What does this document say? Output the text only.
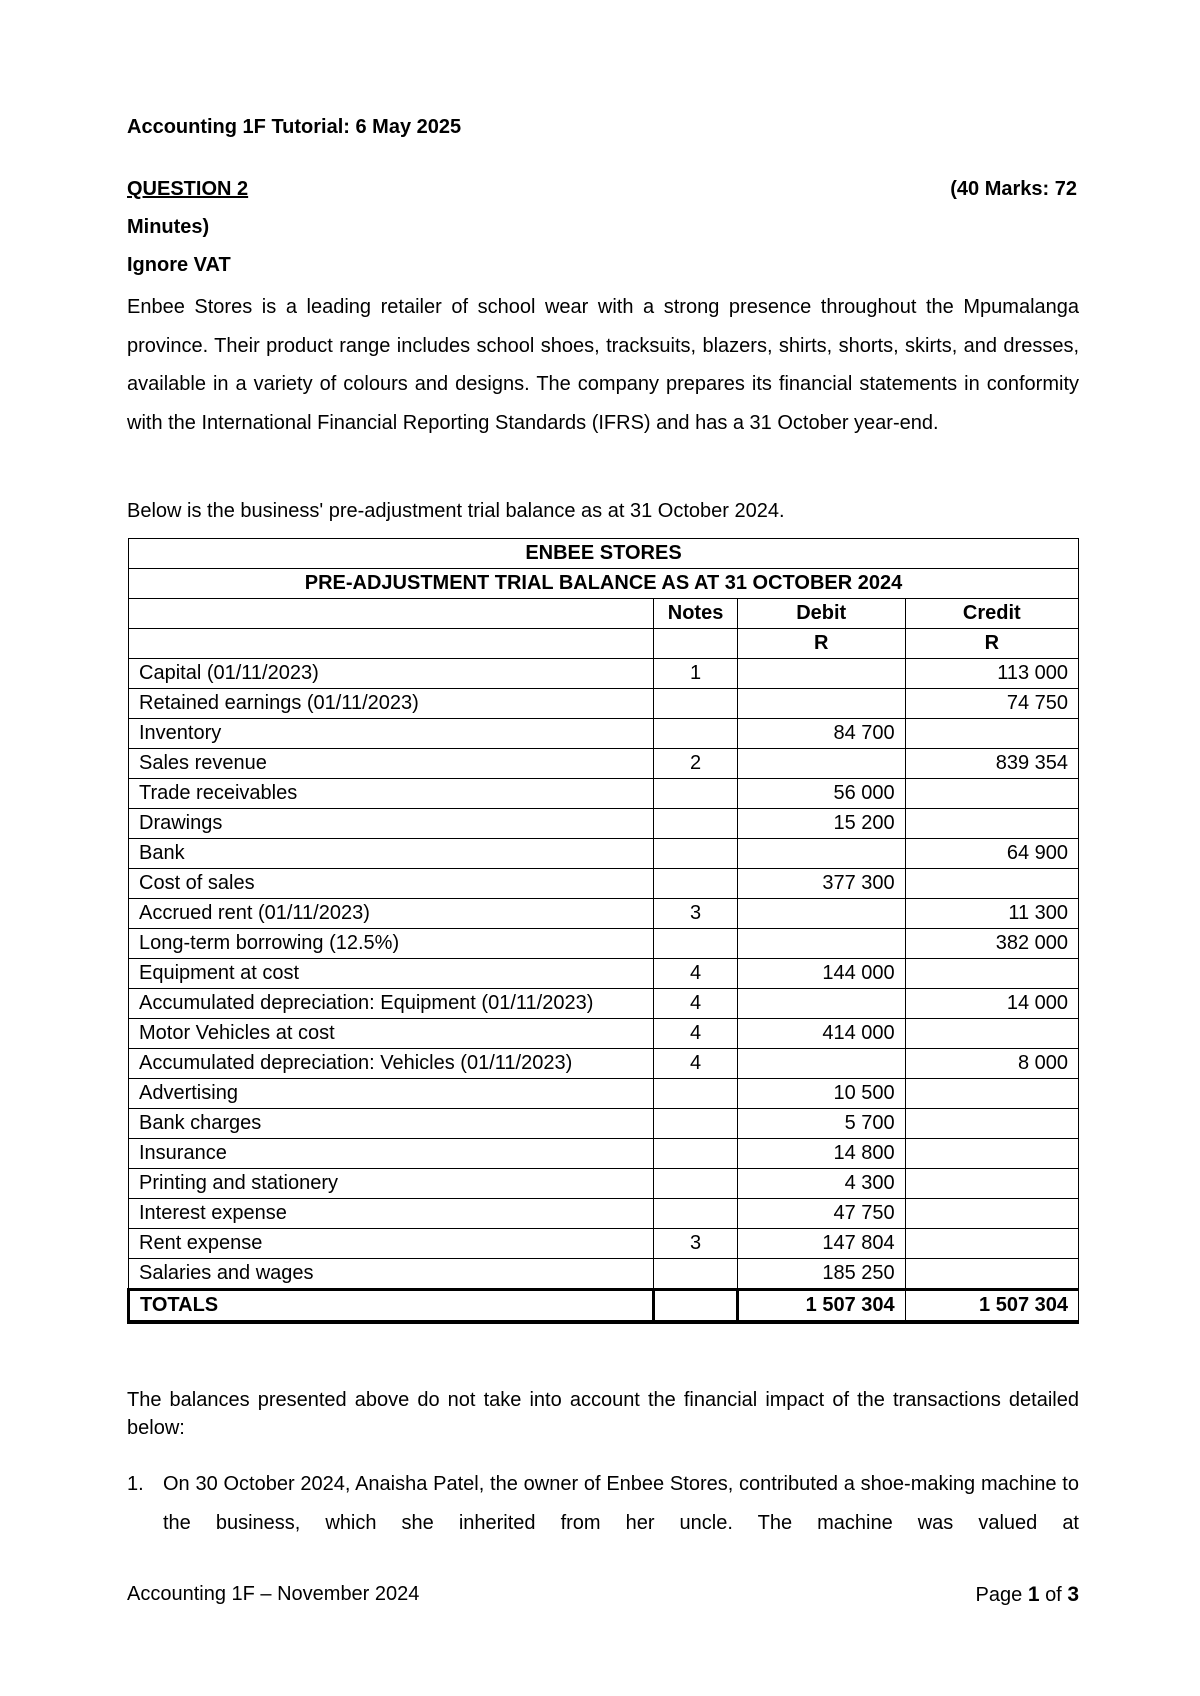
Accounting 1F Tutorial: 6 May 2025
QUESTION 2	(40 Marks: 72
Minutes)
Ignore VAT

Enbee Stores is a leading retailer of school wear with a strong presence throughout the Mpumalanga province. Their product range includes school shoes, tracksuits, blazers, shirts, shorts, skirts, and dresses, available in a variety of colours and designs. The company prepares its financial statements in conformity with the International Financial Reporting Standards (IFRS) and has a 31 October year-end.

Below is the business' pre-adjustment trial balance as at 31 October 2024.

ENBEE STORES			
PRE-ADJUSTMENT TRIAL BALANCE AS AT 31 OCTOBER 2024			
	Notes	Debit	Credit
		R	R
Capital (01/11/2023)	1		113 000
Retained earnings (01/11/2023)			74 750
Inventory		84 700	
Sales revenue	2		839 354
Trade receivables		56 000	
Drawings		15 200	
Bank			64 900
Cost of sales		377 300	
Accrued rent (01/11/2023)	3		11 300
Long-term borrowing (12.5%)			382 000
Equipment at cost	4	144 000	
Accumulated depreciation: Equipment (01/11/2023)	4		14 000
Motor Vehicles at cost	4	414 000	
Accumulated depreciation: Vehicles (01/11/2023)	4		8 000
Advertising		10 500	
Bank charges		5 700	
Insurance		14 800	
Printing and stationery		4 300	
Interest expense		47 750	
Rent expense	3	147 804	
Salaries and wages		185 250	
TOTALS		1 507 304	1 507 304

The balances presented above do not take into account the financial impact of the transactions detailed below:

1. On 30 October 2024, Anaisha Patel, the owner of Enbee Stores, contributed a shoe-making machine to the business, which she inherited from her uncle. The machine was valued at
Accounting 1F – November 2024	Page 1 of 3
